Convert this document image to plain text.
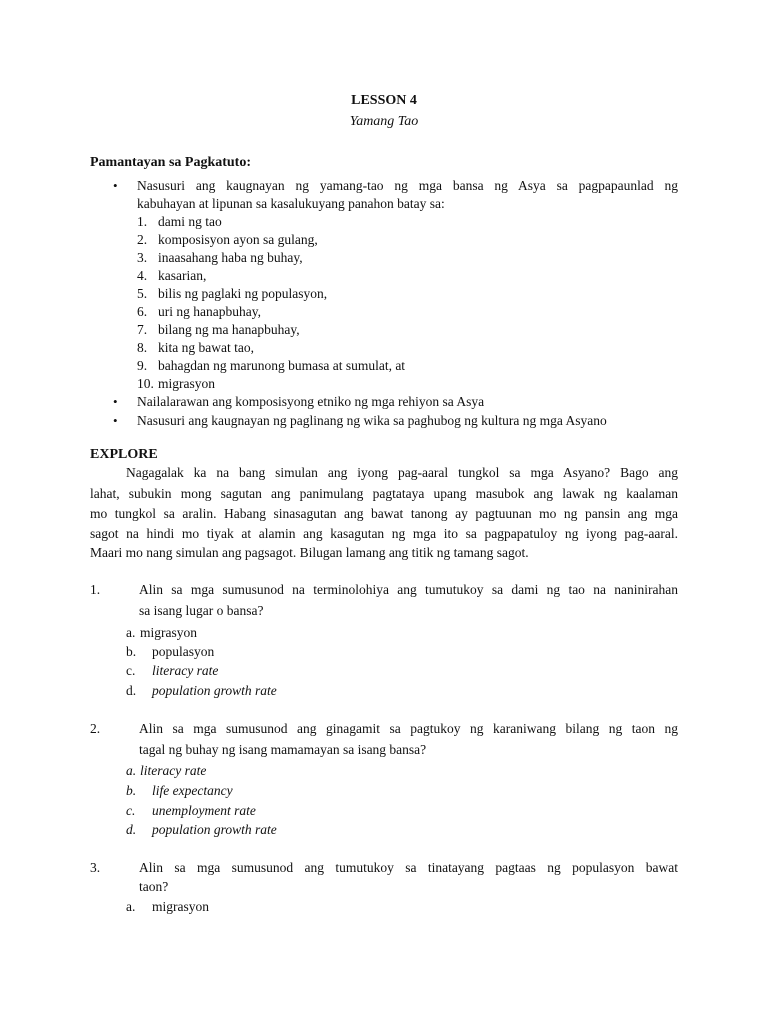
LESSON 4
Yamang Tao
Pamantayan sa Pagkatuto:
• Nasusuri ang kaugnayan ng yamang-tao ng mga bansa ng Asya sa pagpapaunlad ng
kabuhayan at lipunan sa kasalukuyang panahon batay sa:
1. dami ng tao
2. komposisyon ayon sa gulang,
3. inaasahang haba ng buhay,
4. kasarian,
5. bilis ng paglaki ng populasyon,
6. uri ng hanapbuhay,
7. bilang ng ma hanapbuhay,
8. kita ng bawat tao,
9. bahagdan ng marunong bumasa at sumulat, at
10. migrasyon
• Nailalarawan ang komposisyong etniko ng mga rehiyon sa Asya
• Nasusuri ang kaugnayan ng paglinang ng wika sa paghubog ng kultura ng mga Asyano
EXPLORE
Nagagalak ka na bang simulan ang iyong pag-aaral tungkol sa mga Asyano? Bago ang
lahat, subukin mong sagutan ang panimulang pagtataya upang masubok ang lawak ng kaalaman
mo tungkol sa aralin. Habang sinasagutan ang bawat tanong ay pagtuunan mo ng pansin ang mga
sagot na hindi mo tiyak at alamin ang kasagutan ng mga ito sa pagpapatuloy ng iyong pag-aaral.
Maari mo nang simulan ang pagsagot. Bilugan lamang ang titik ng tamang sagot.
1.	Alin sa mga sumusunod na terminolohiya ang tumutukoy sa dami ng tao na naninirahan
sa isang lugar o bansa?
a. migrasyon
b. populasyon
c. literacy rate
d. population growth rate
2.	Alin sa mga sumusunod ang ginagamit sa pagtukoy ng karaniwang bilang ng taon ng
tagal ng buhay ng isang mamamayan sa isang bansa?
a. literacy rate
b. life expectancy
c. unemployment rate
d. population growth rate
3.	Alin sa mga sumusunod ang tumutukoy sa tinatayang pagtaas ng populasyon bawat
taon?
a. migrasyon
